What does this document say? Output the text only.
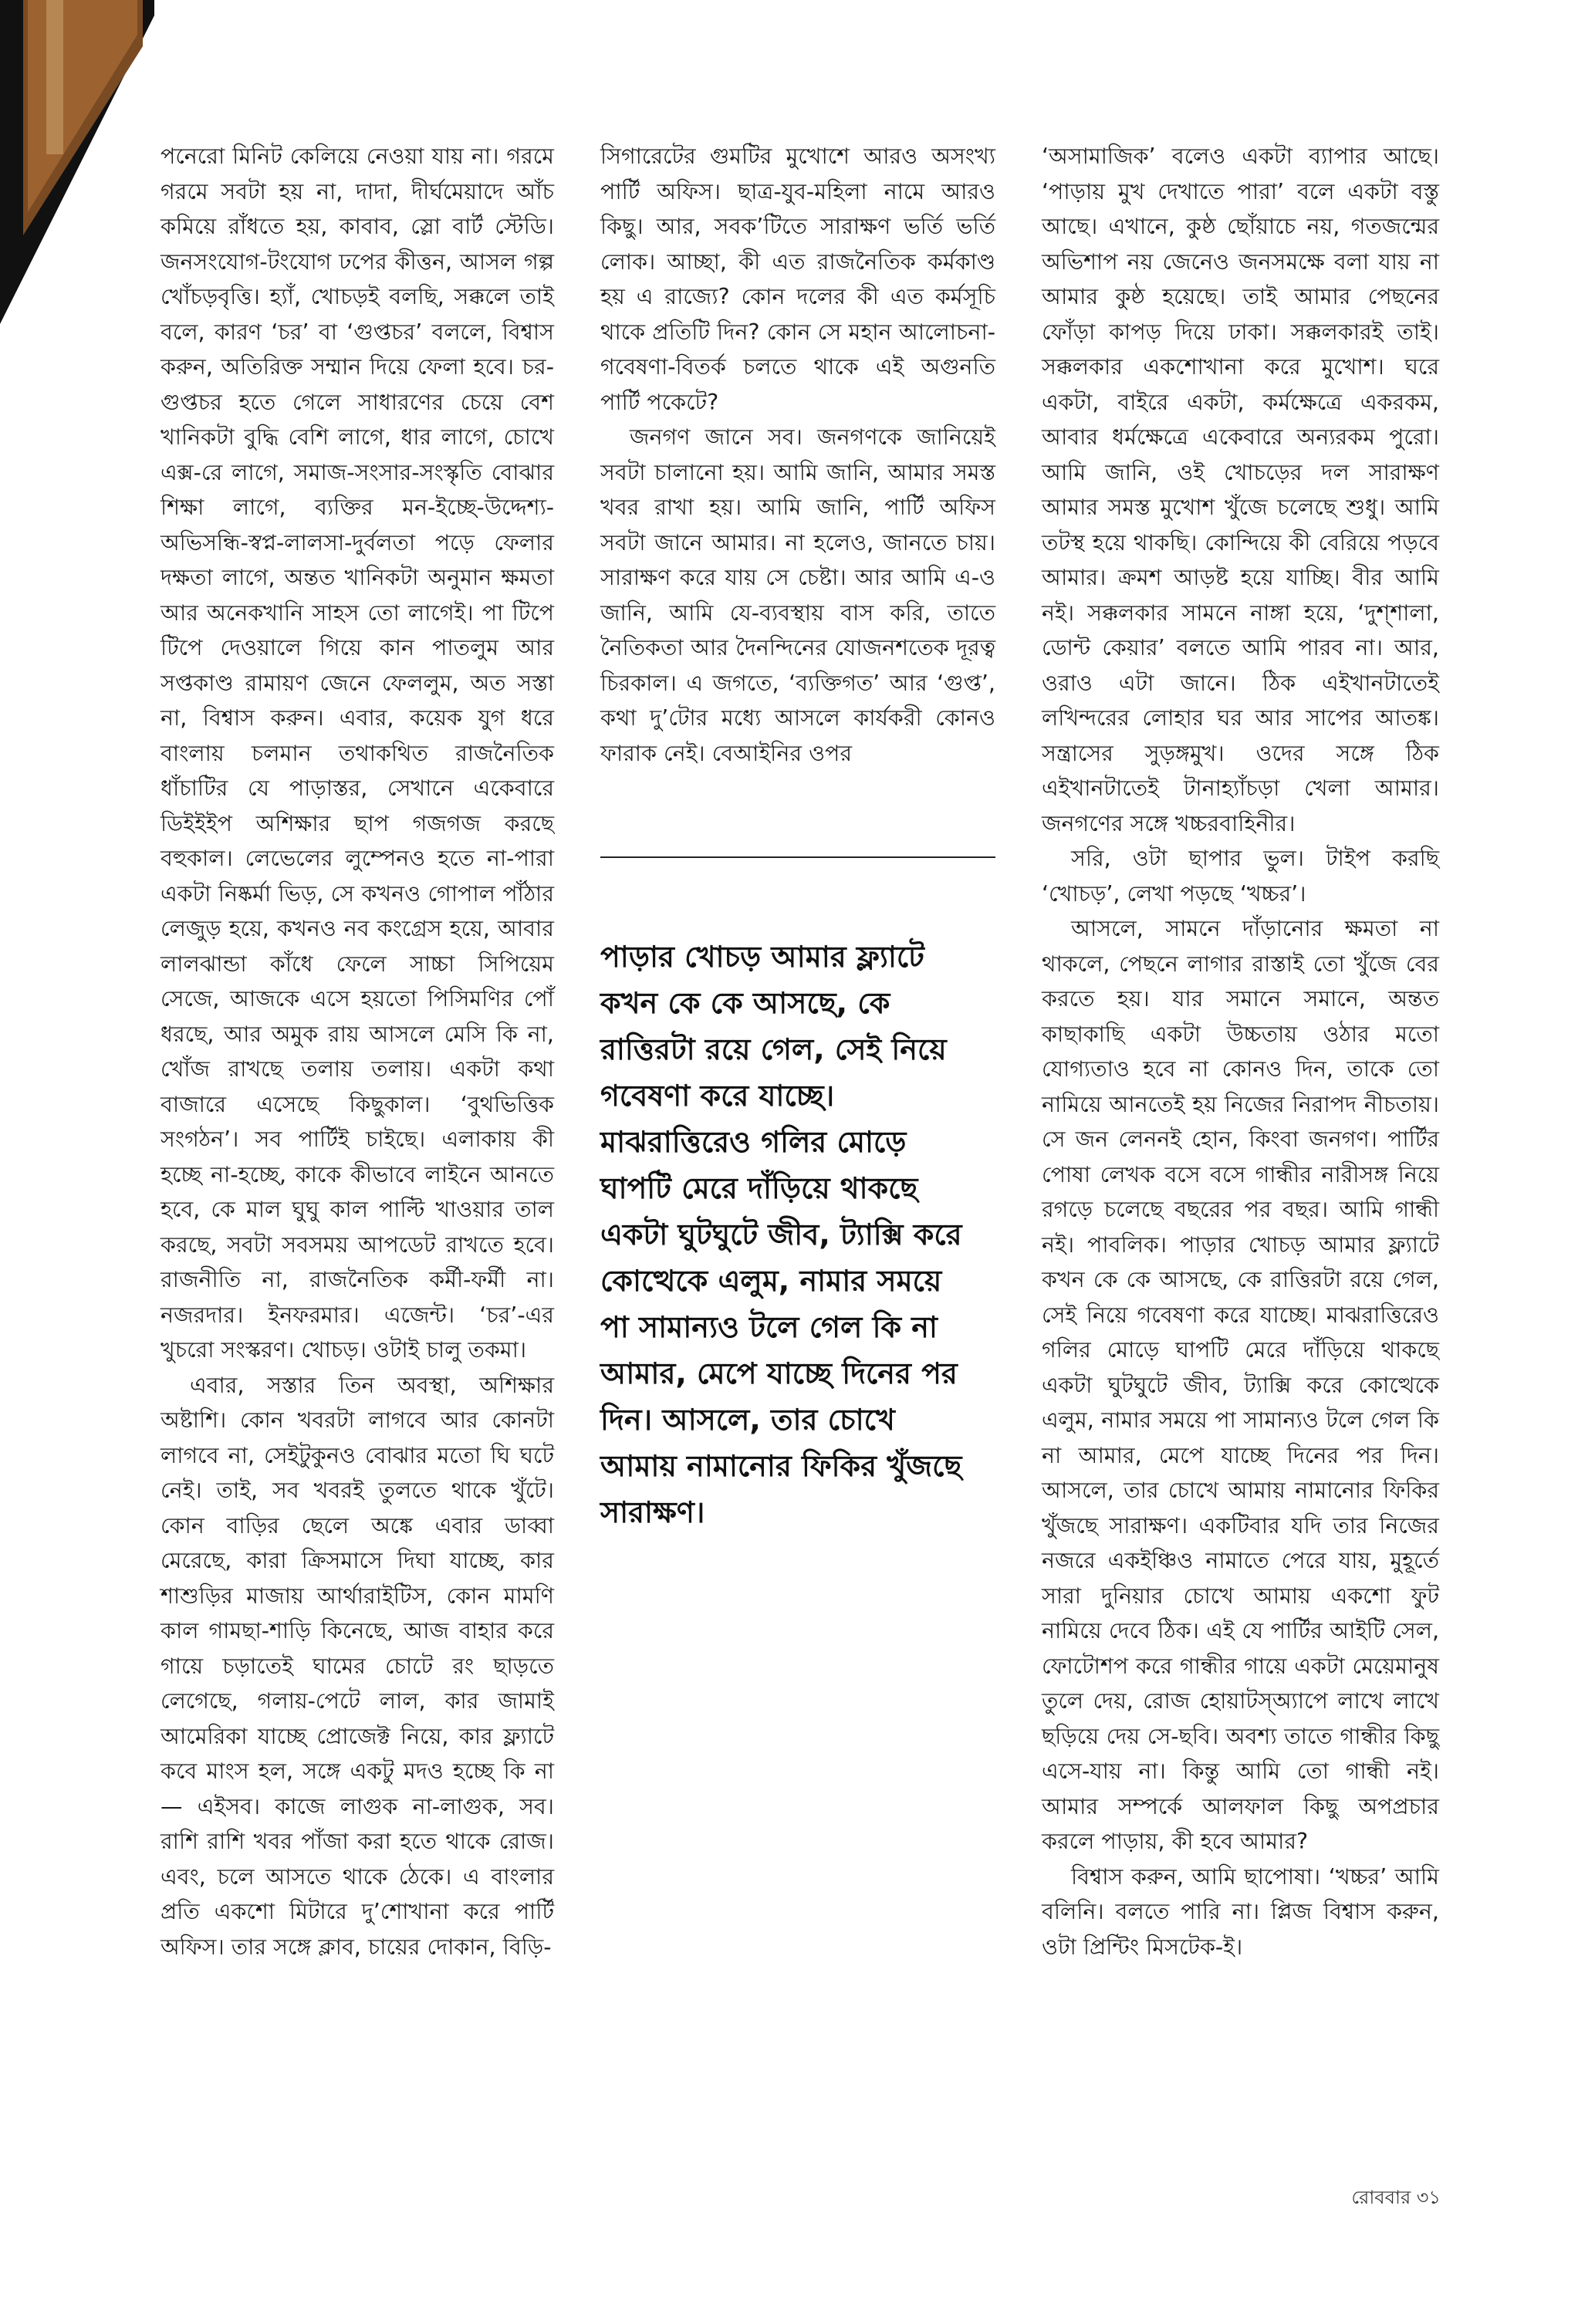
পনেরো মিনিট কেলিয়ে নেওয়া যায় না। গরমে গরমে সবটা হয় না, দাদা, দীর্ঘমেয়াদে আঁচ কমিয়ে রাঁধতে হয়, কাবাব, স্লো বার্ট স্টেডি। জনসংযোগ-টংযোগ ঢপের কীত্তন, আসল গল্প খোঁচড়বৃত্তি। হ্যাঁ, খোচড়ই বলছি, সক্কলে তাই বলে, কারণ ‘চর’ বা ‘গুপ্তচর’ বললে, বিশ্বাস করুন, অতিরিক্ত সম্মান দিয়ে ফেলা হবে। চর-গুপ্তচর হতে গেলে সাধারণের চেয়ে বেশ খানিকটা বুদ্ধি বেশি লাগে, ধার লাগে, চোখে এক্স-রে লাগে, সমাজ-সংসার-সংস্কৃতি বোঝার শিক্ষা লাগে, ব্যক্তির মন-ইচ্ছে-উদ্দেশ্য-অভিসন্ধি-স্বপ্ন-লালসা-দুর্বলতা পড়ে ফেলার দক্ষতা লাগে, অন্তত খানিকটা অনুমান ক্ষমতা আর অনেকখানি সাহস তো লাগেই। পা টিপে টিপে দেওয়ালে গিয়ে কান পাতলুম আর সপ্তকাণ্ড রামায়ণ জেনে ফেললুম, অত সস্তা না, বিশ্বাস করুন। এবার, কয়েক যুগ ধরে বাংলায় চলমান তথাকথিত রাজনৈতিক ধাঁচাটির যে পাড়াস্তর, সেখানে একেবারে ডিইইইপ অশিক্ষার ছাপ গজগজ করছে বহুকাল। লেভেলের লুম্পেনও হতে না-পারা একটা নিষ্কর্মা ভিড়, সে কখনও গোপাল পাঁঠার লেজুড় হয়ে, কখনও নব কংগ্রেস হয়ে, আবার লালঝান্ডা কাঁধে ফেলে সাচ্চা সিপিয়েম সেজে, আজকে এসে হয়তো পিসিমণির পোঁ ধরছে, আর অমুক রায় আসলে মেসি কি না, খোঁজ রাখছে তলায় তলায়। একটা কথা বাজারে এসেছে কিছুকাল। ‘বুথভিত্তিক সংগঠন’। সব পার্টিই চাইছে। এলাকায় কী হচ্ছে না-হচ্ছে, কাকে কীভাবে লাইনে আনতে হবে, কে মাল ঘুঘু কাল পাল্টি খাওয়ার তাল করছে, সবটা সবসময় আপডেট রাখতে হবে। রাজনীতি না, রাজনৈতিক কর্মী-ফর্মী না। নজরদার। ইনফরমার। এজেন্ট। ‘চর’-এর খুচরো সংস্করণ। খোচড়। ওটাই চালু তকমা।

এবার, সস্তার তিন অবস্থা, অশিক্ষার অষ্টাশি। কোন খবরটা লাগবে আর কোনটা লাগবে না, সেইটুকুনও বোঝার মতো ঘি ঘটে নেই। তাই, সব খবরই তুলতে থাকে খুঁটে। কোন বাড়ির ছেলে অঙ্কে এবার ডাব্বা মেরেছে, কারা ক্রিসমাসে দিঘা যাচ্ছে, কার শাশুড়ির মাজায় আর্থারাইটিস, কোন মামণি কাল গামছা-শাড়ি কিনেছে, আজ বাহার করে গায়ে চড়াতেই ঘামের চোটে রং ছাড়তে লেগেছে, গলায়-পেটে লাল, কার জামাই আমেরিকা যাচ্ছে প্রোজেক্ট নিয়ে, কার ফ্ল্যাটে কবে মাংস হল, সঙ্গে একটু মদও হচ্ছে কি না— এইসব। কাজে লাগুক না-লাগুক, সব। রাশি রাশি খবর পাঁজা করা হতে থাকে রোজ। এবং, চলে আসতে থাকে ঠেকে। এ বাংলার প্রতি একশো মিটারে দু’শোখানা করে পার্টি অফিস। তার সঙ্গে ক্লাব, চায়ের দোকান, বিড়ি-

সিগারেটের গুমটির মুখোশে আরও অসংখ্য পার্টি অফিস। ছাত্র-যুব-মহিলা নামে আরও কিছু। আর, সবক’টিতে সারাক্ষণ ভর্তি ভর্তি লোক। আচ্ছা, কী এত রাজনৈতিক কর্মকাণ্ড হয় এ রাজ্যে? কোন দলের কী এত কর্মসূচি থাকে প্রতিটি দিন? কোন সে মহান আলোচনা-গবেষণা-বিতর্ক চলতে থাকে এই অগুনতি পার্টি পকেটে?

জনগণ জানে সব। জনগণকে জানিয়েই সবটা চালানো হয়। আমি জানি, আমার সমস্ত খবর রাখা হয়। আমি জানি, পার্টি অফিস সবটা জানে আমার। না হলেও, জানতে চায়। সারাক্ষণ করে যায় সে চেষ্টা। আর আমি এ-ও জানি, আমি যে-ব্যবস্থায় বাস করি, তাতে নৈতিকতা আর দৈনন্দিনের যোজনশতেক দূরত্ব চিরকাল। এ জগতে, ‘ব্যক্তিগত’ আর ‘গুপ্ত’, কথা দু’টোর মধ্যে আসলে কার্যকরী কোনও ফারাক নেই। বেআইনির ওপর

পাড়ার খোচড় আমার ফ্ল্যাটে কখন কে কে আসছে, কে রাত্তিরটা রয়ে গেল, সেই নিয়ে গবেষণা করে যাচ্ছে। মাঝরাত্তিরেও গলির মোড়ে ঘাপটি মেরে দাঁড়িয়ে থাকছে একটা ঘুটঘুটে জীব, ট্যাক্সি করে কোত্থেকে এলুম, নামার সময়ে পা সামান্যও টলে গেল কি না আমার, মেপে যাচ্ছে দিনের পর দিন। আসলে, তার চোখে আমায় নামানোর ফিকির খুঁজছে সারাক্ষণ।

‘অসামাজিক’ বলেও একটা ব্যাপার আছে। ‘পাড়ায় মুখ দেখাতে পারা’ বলে একটা বস্তু আছে। এখানে, কুষ্ঠ ছোঁয়াচে নয়, গতজন্মের অভিশাপ নয় জেনেও জনসমক্ষে বলা যায় না আমার কুষ্ঠ হয়েছে। তাই আমার পেছনের ফোঁড়া কাপড় দিয়ে ঢাকা। সক্কলকারই তাই। সক্কলকার একশোখানা করে মুখোশ। ঘরে একটা, বাইরে একটা, কর্মক্ষেত্রে একরকম, আবার ধর্মক্ষেত্রে একেবারে অন্যরকম পুরো। আমি জানি, ওই খোচড়ের দল সারাক্ষণ আমার সমস্ত মুখোশ খুঁজে চলেছে শুধু। আমি তটস্থ হয়ে থাকছি। কোন্দিয়ে কী বেরিয়ে পড়বে আমার। ক্রমশ আড়ষ্ট হয়ে যাচ্ছি। বীর আমি নই। সক্কলকার সামনে নাঙ্গা হয়ে, ‘দুশ্শালা, ডোন্ট কেয়ার’ বলতে আমি পারব না। আর, ওরাও এটা জানে। ঠিক এইখানটাতেই লখিন্দরের লোহার ঘর আর সাপের আতঙ্ক। সন্ত্রাসের সুড়ঙ্গমুখ। ওদের সঙ্গে ঠিক এইখানটাতেই টানাহ্যাঁচড়া খেলা আমার। জনগণের সঙ্গে খচ্চরবাহিনীর।

সরি, ওটা ছাপার ভুল। টাইপ করছি ‘খোচড়’, লেখা পড়ছে ‘খচ্চর’।

আসলে, সামনে দাঁড়ানোর ক্ষমতা না থাকলে, পেছনে লাগার রাস্তাই তো খুঁজে বের করতে হয়। যার সমানে সমানে, অন্তত কাছাকাছি একটা উচ্চতায় ওঠার মতো যোগ্যতাও হবে না কোনও দিন, তাকে তো নামিয়ে আনতেই হয় নিজের নিরাপদ নীচতায়। সে জন লেননই হোন, কিংবা জনগণ। পার্টির পোষা লেখক বসে বসে গান্ধীর নারীসঙ্গ নিয়ে রগড়ে চলেছে বছরের পর বছর। আমি গান্ধী নই। পাবলিক। পাড়ার খোচড় আমার ফ্ল্যাটে কখন কে কে আসছে, কে রাত্তিরটা রয়ে গেল, সেই নিয়ে গবেষণা করে যাচ্ছে। মাঝরাত্তিরেও গলির মোড়ে ঘাপটি মেরে দাঁড়িয়ে থাকছে একটা ঘুটঘুটে জীব, ট্যাক্সি করে কোত্থেকে এলুম, নামার সময়ে পা সামান্যও টলে গেল কি না আমার, মেপে যাচ্ছে দিনের পর দিন। আসলে, তার চোখে আমায় নামানোর ফিকির খুঁজছে সারাক্ষণ। একটিবার যদি তার নিজের নজরে একইঞ্চিও নামাতে পেরে যায়, মুহূর্তে সারা দুনিয়ার চোখে আমায় একশো ফুট নামিয়ে দেবে ঠিক। এই যে পার্টির আইটি সেল, ফোটোশপ করে গান্ধীর গায়ে একটা মেয়েমানুষ তুলে দেয়, রোজ হোয়াটস্অ্যাপে লাখে লাখে ছড়িয়ে দেয় সে-ছবি। অবশ্য তাতে গান্ধীর কিছু এসে-যায় না। কিন্তু আমি তো গান্ধী নই। আমার সম্পর্কে আলফাল কিছু অপপ্রচার করলে পাড়ায়, কী হবে আমার?

বিশ্বাস করুন, আমি ছাপোষা। ‘খচ্চর’ আমি বলিনি। বলতে পারি না। প্লিজ বিশ্বাস করুন, ওটা প্রিন্টিং মিসটেক-ই।

রোববার ৩১
